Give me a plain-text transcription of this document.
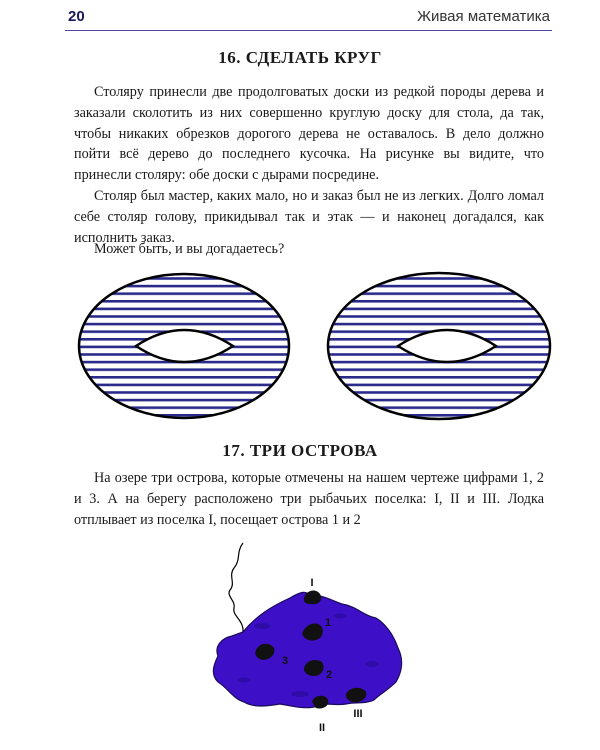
20	Живая математика
16. СДЕЛАТЬ КРУГ

Столяру принесли две продолговатых доски из редкой породы дерева и заказали сколотить из них совершенно круглую доску для стола, да так, чтобы никаких обрезков дорогого дерева не оставалось. В дело должно пойти всё дерево до последнего кусочка. На рисунке вы видите, что принесли столяру: обе доски с дырами посредине.

Столяр был мастер, каких мало, но и заказ был не из легких. Долго ломал себе столяр голову, прикидывал так и этак — и наконец догадался, как исполнить заказ.

Может быть, и вы догадаетесь?

17. ТРИ ОСТРОВА

На озере три острова, которые отмечены на нашем чертеже цифрами 1, 2 и 3. А на берегу расположено три рыбачьих поселка: I, II и III. Лодка отплывает из поселка I, посещает острова 1 и 2

I
II
III
1
2
3
